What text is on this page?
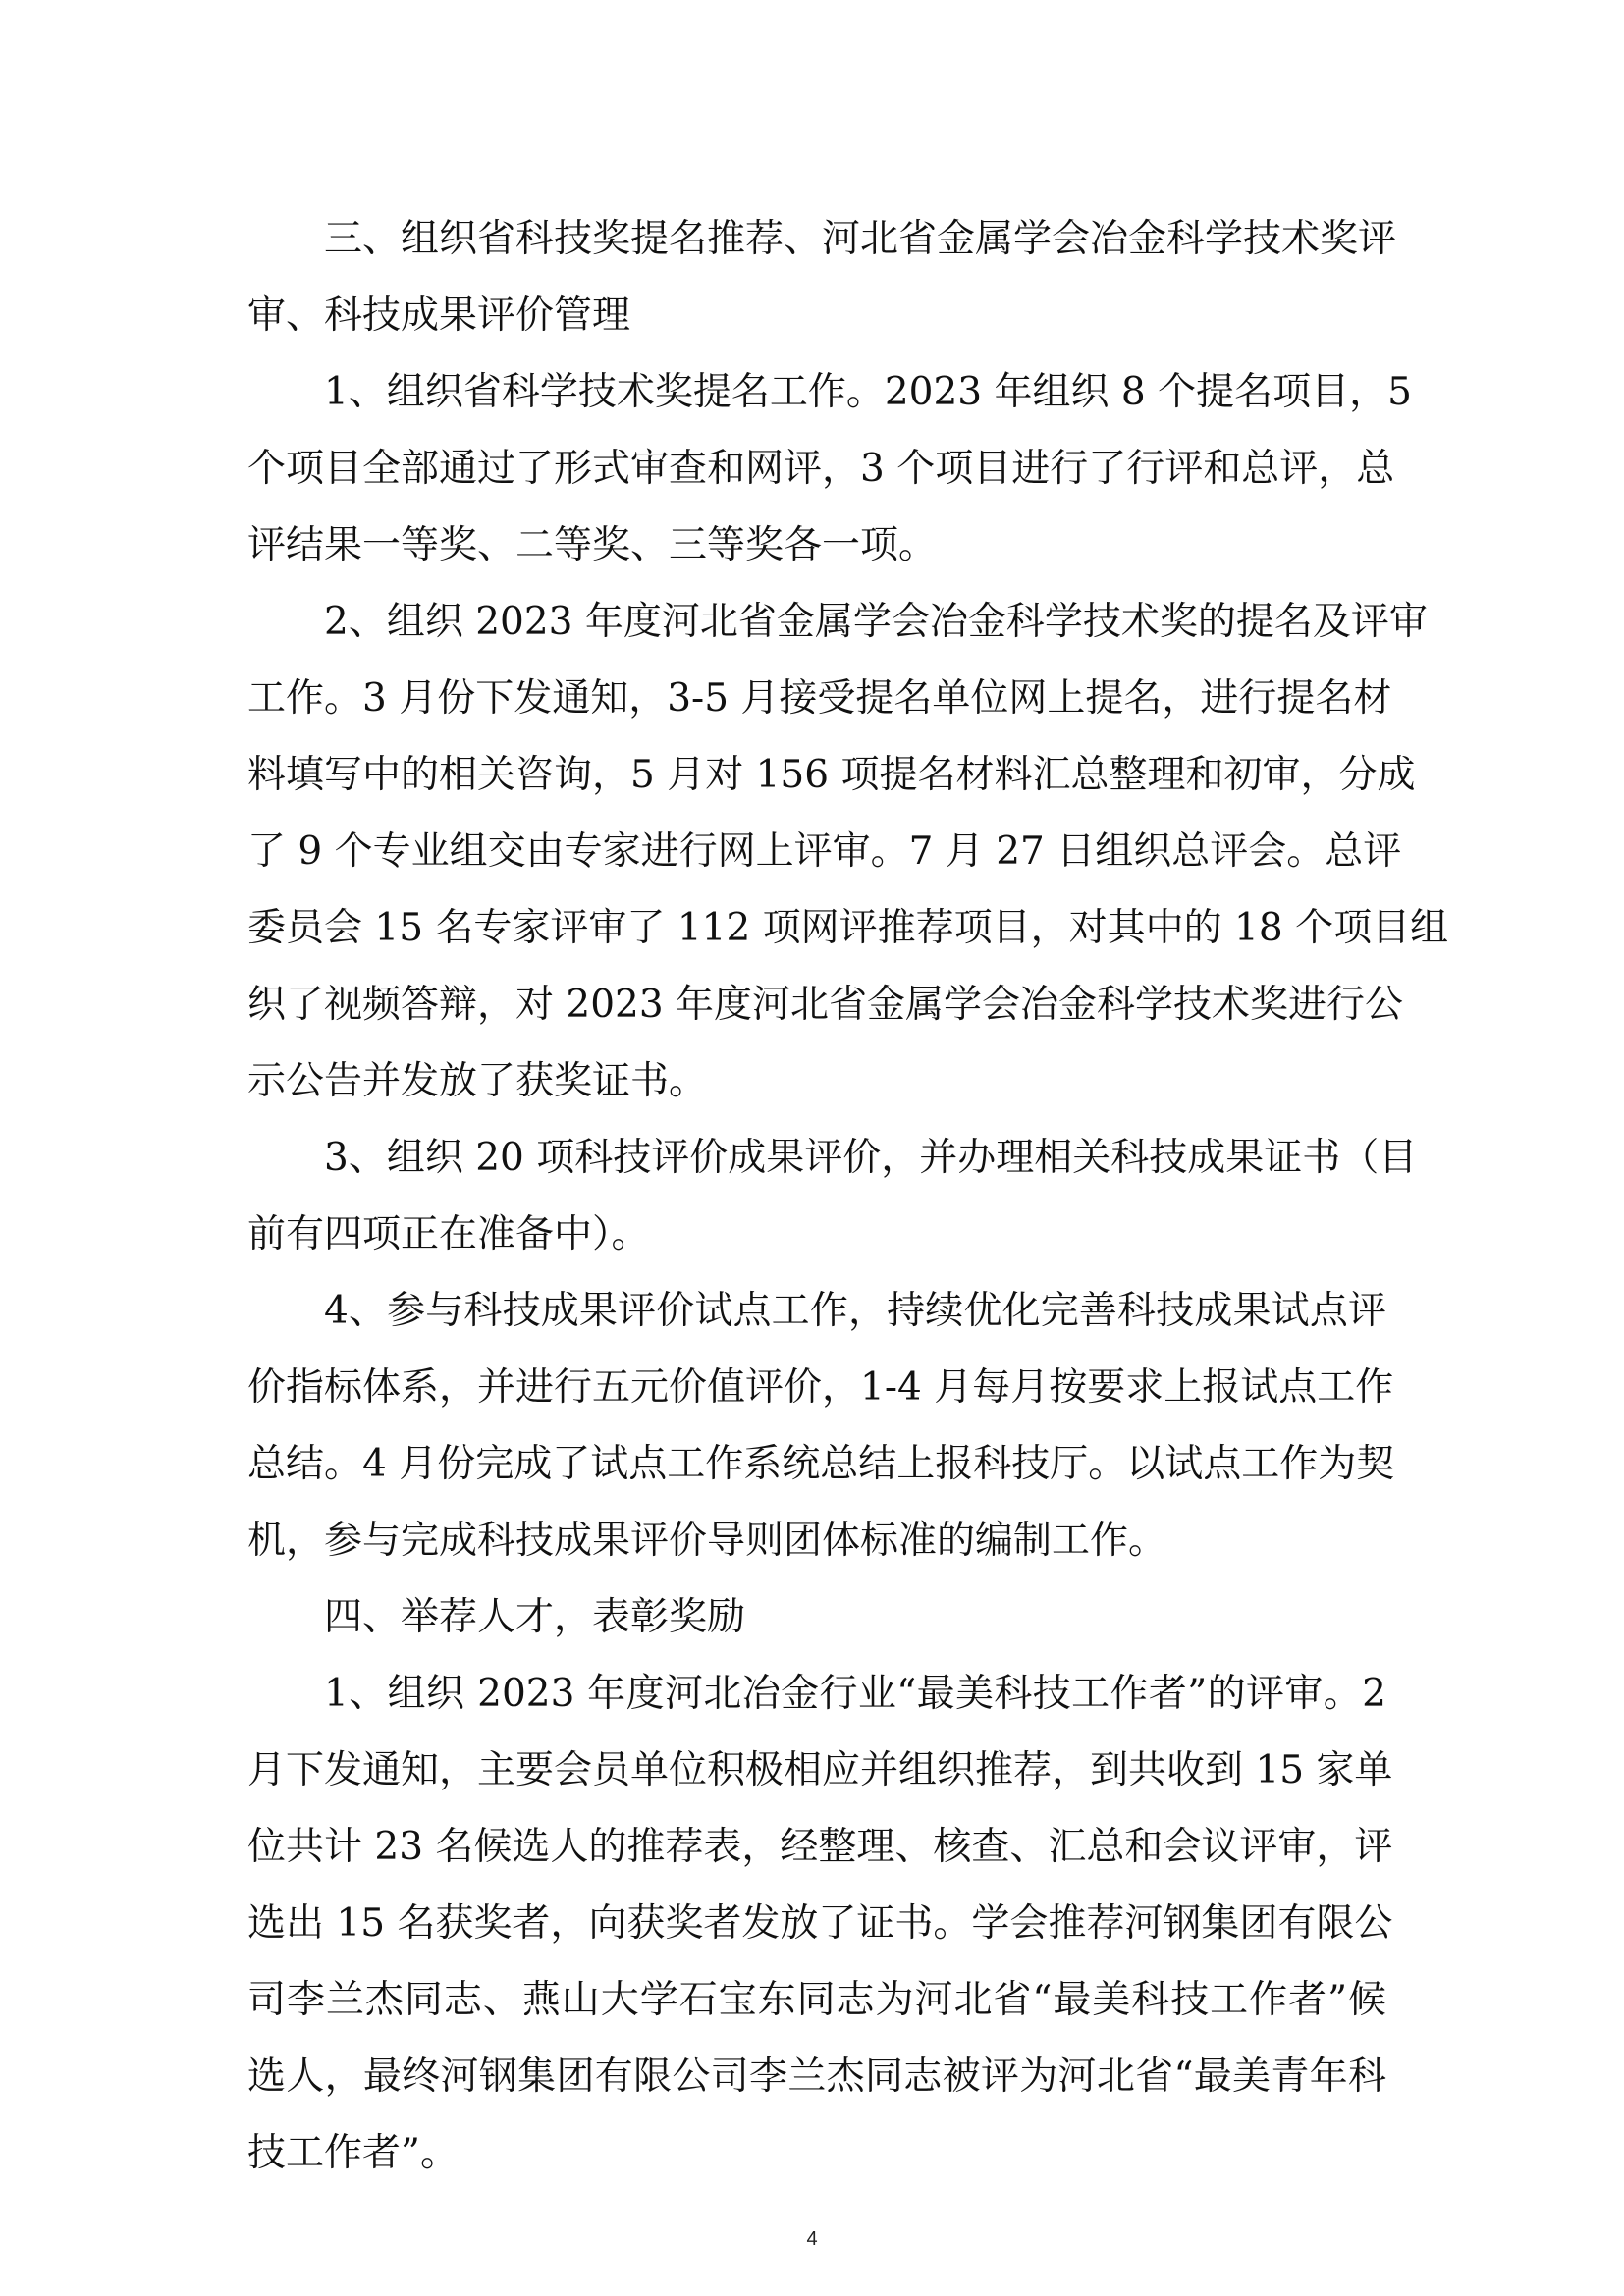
三、组织省科技奖提名推荐、河北省金属学会冶金科学技术奖评
审、科技成果评价管理
1、组织省科学技术奖提名工作。2023 年组织 8 个提名项目，5
个项目全部通过了形式审查和网评，3 个项目进行了行评和总评，总
评结果一等奖、二等奖、三等奖各一项。
2、组织 2023 年度河北省金属学会冶金科学技术奖的提名及评审
工作。3 月份下发通知，3-5 月接受提名单位网上提名，进行提名材
料填写中的相关咨询，5 月对 156 项提名材料汇总整理和初审，分成
了 9 个专业组交由专家进行网上评审。7 月 27 日组织总评会。总评
委员会 15 名专家评审了 112 项网评推荐项目，对其中的 18 个项目组
织了视频答辩，对 2023 年度河北省金属学会冶金科学技术奖进行公
示公告并发放了获奖证书。
3、组织 20 项科技评价成果评价，并办理相关科技成果证书（目
前有四项正在准备中）。
4、参与科技成果评价试点工作，持续优化完善科技成果试点评
价指标体系，并进行五元价值评价，1-4 月每月按要求上报试点工作
总结。4 月份完成了试点工作系统总结上报科技厅。以试点工作为契
机，参与完成科技成果评价导则团体标准的编制工作。
四、举荐人才，表彰奖励
1、组织 2023 年度河北冶金行业“最美科技工作者”的评审。2
月下发通知，主要会员单位积极相应并组织推荐，到共收到 15 家单
位共计 23 名候选人的推荐表，经整理、核查、汇总和会议评审，评
选出 15 名获奖者，向获奖者发放了证书。学会推荐河钢集团有限公
司李兰杰同志、燕山大学石宝东同志为河北省“最美科技工作者”候
选人，最终河钢集团有限公司李兰杰同志被评为河北省“最美青年科
技工作者”。
4
